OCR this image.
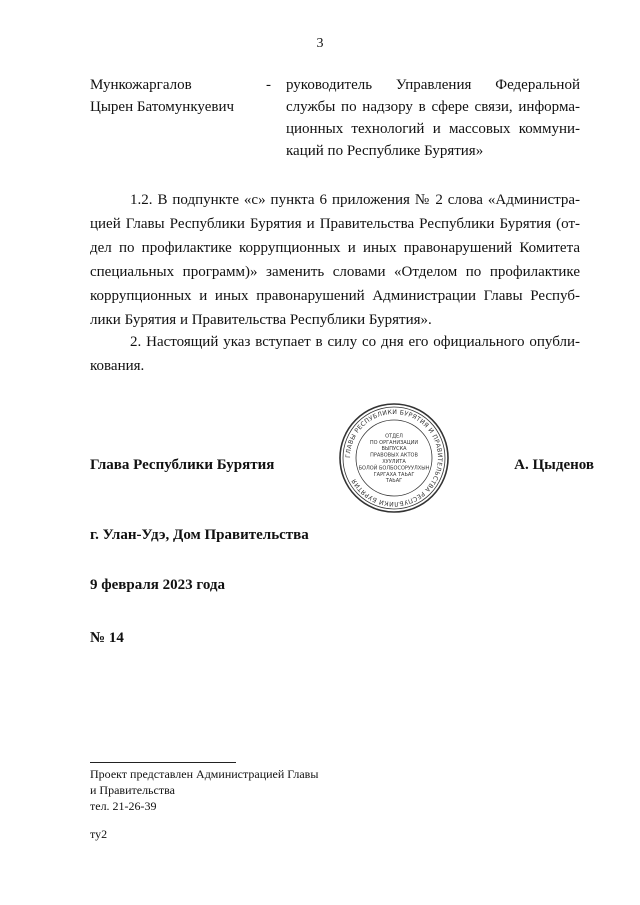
3
Мункожаргалов
Цырен Батомункуевич
- руководитель Управления Федеральной
службы по надзору в сфере связи, информа-
ционных технологий и массовых коммуни-
каций по Республике Бурятия»
1.2. В подпункте «с» пункта 6 приложения № 2 слова «Администра-
цией Главы Республики Бурятия и Правительства Республики Бурятия (от-
дел по профилактике коррупционных и иных правонарушений Комитета
специальных программ)» заменить словами «Отделом по профилактике
коррупционных и иных правонарушений Администрации Главы Респуб-
лики Бурятия и Правительства Республики Бурятия».
2. Настоящий указ вступает в силу со дня его официального опубли-
кования.
Глава Республики Бурятия	А. Цыденов
ГЛАВЫ РЕСПУБЛИКИ БУРЯТИЯ И ПРАВИТЕЛЬСТВА РЕСПУБЛИКИ БУРЯТИЯ
ОТДЕЛ
ПО ОРГАНИЗАЦИИ
ВЫПУСКА
ПРАВОВЫХ АКТОВ
ХУУЛИТА
БОЛОЙ БОЛБОСОРУУЛХЫН
ГАРГАХА ТАЬАГ
ТАЬАГ
г. Улан-Удэ, Дом Правительства
9 февраля 2023 года
№ 14
Проект представлен Администрацией Главы
и Правительства
тел. 21-26-39
ту2
